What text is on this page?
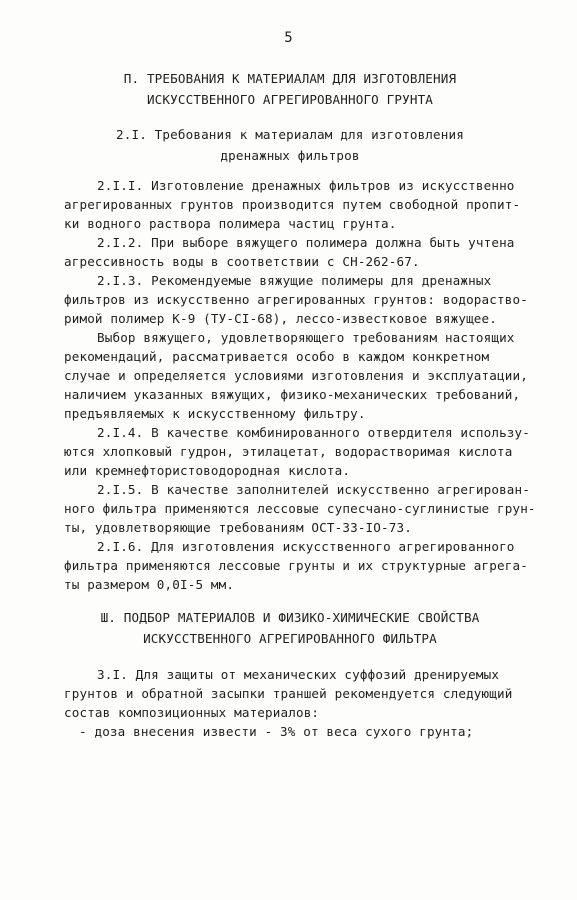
5
П. ТРЕБОВАНИЯ К МАТЕРИАЛАМ ДЛЯ ИЗГОТОВЛЕНИЯ
ИСКУССТВЕННОГО АГРЕГИРОВАННОГО ГРУНТА
2.I. Требования к материалам для изготовления
дренажных фильтров
2.I.I. Изготовление дренажных фильтров из искусственно
агрегированных грунтов производится путем свободной пропит-
ки водного раствора полимера частиц грунта.
2.I.2. При выборе вяжущего полимера должна быть учтена
агрессивность воды в соответствии с СН-262-67.
2.I.3. Рекомендуемые вяжущие полимеры для дренажных
фильтров из искусственно агрегированных грунтов: водораство-
римой полимер К-9 (ТУ-СI-68), лессо-известковое вяжущее.
Выбор вяжущего, удовлетворяющего требованиям настоящих
рекомендаций, рассматривается особо в каждом конкретном
случае и определяется условиями изготовления и эксплуатации,
наличием указанных вяжущих, физико-механических требований,
предъявляемых к искусственному фильтру.
2.I.4. В качестве комбинированного отвердителя использу-
ются хлопковый гудрон, этилацетат, водорастворимая кислота
или кремнефтористоводородная кислота.
2.I.5. В качестве заполнителей искусственно агрегирован-
ного фильтра применяются лессовые супесчано-суглинистые грун-
ты, удовлетворяющие требованиям ОСТ-33-IO-73.
2.I.6. Для изготовления искусственного агрегированного
фильтра применяются лессовые грунты и их структурные агрега-
ты размером 0,0I-5 мм.
Ш. ПОДБОР МАТЕРИАЛОВ И ФИЗИКО-ХИМИЧЕСКИЕ СВОЙСТВА
ИСКУССТВЕННОГО АГРЕГИРОВАННОГО ФИЛЬТРА
3.I. Для защиты от механических суффозий дренируемых
грунтов и обратной засыпки траншей рекомендуется следующий
состав композиционных материалов:
- доза внесения извести - 3% от веса сухого грунта;
